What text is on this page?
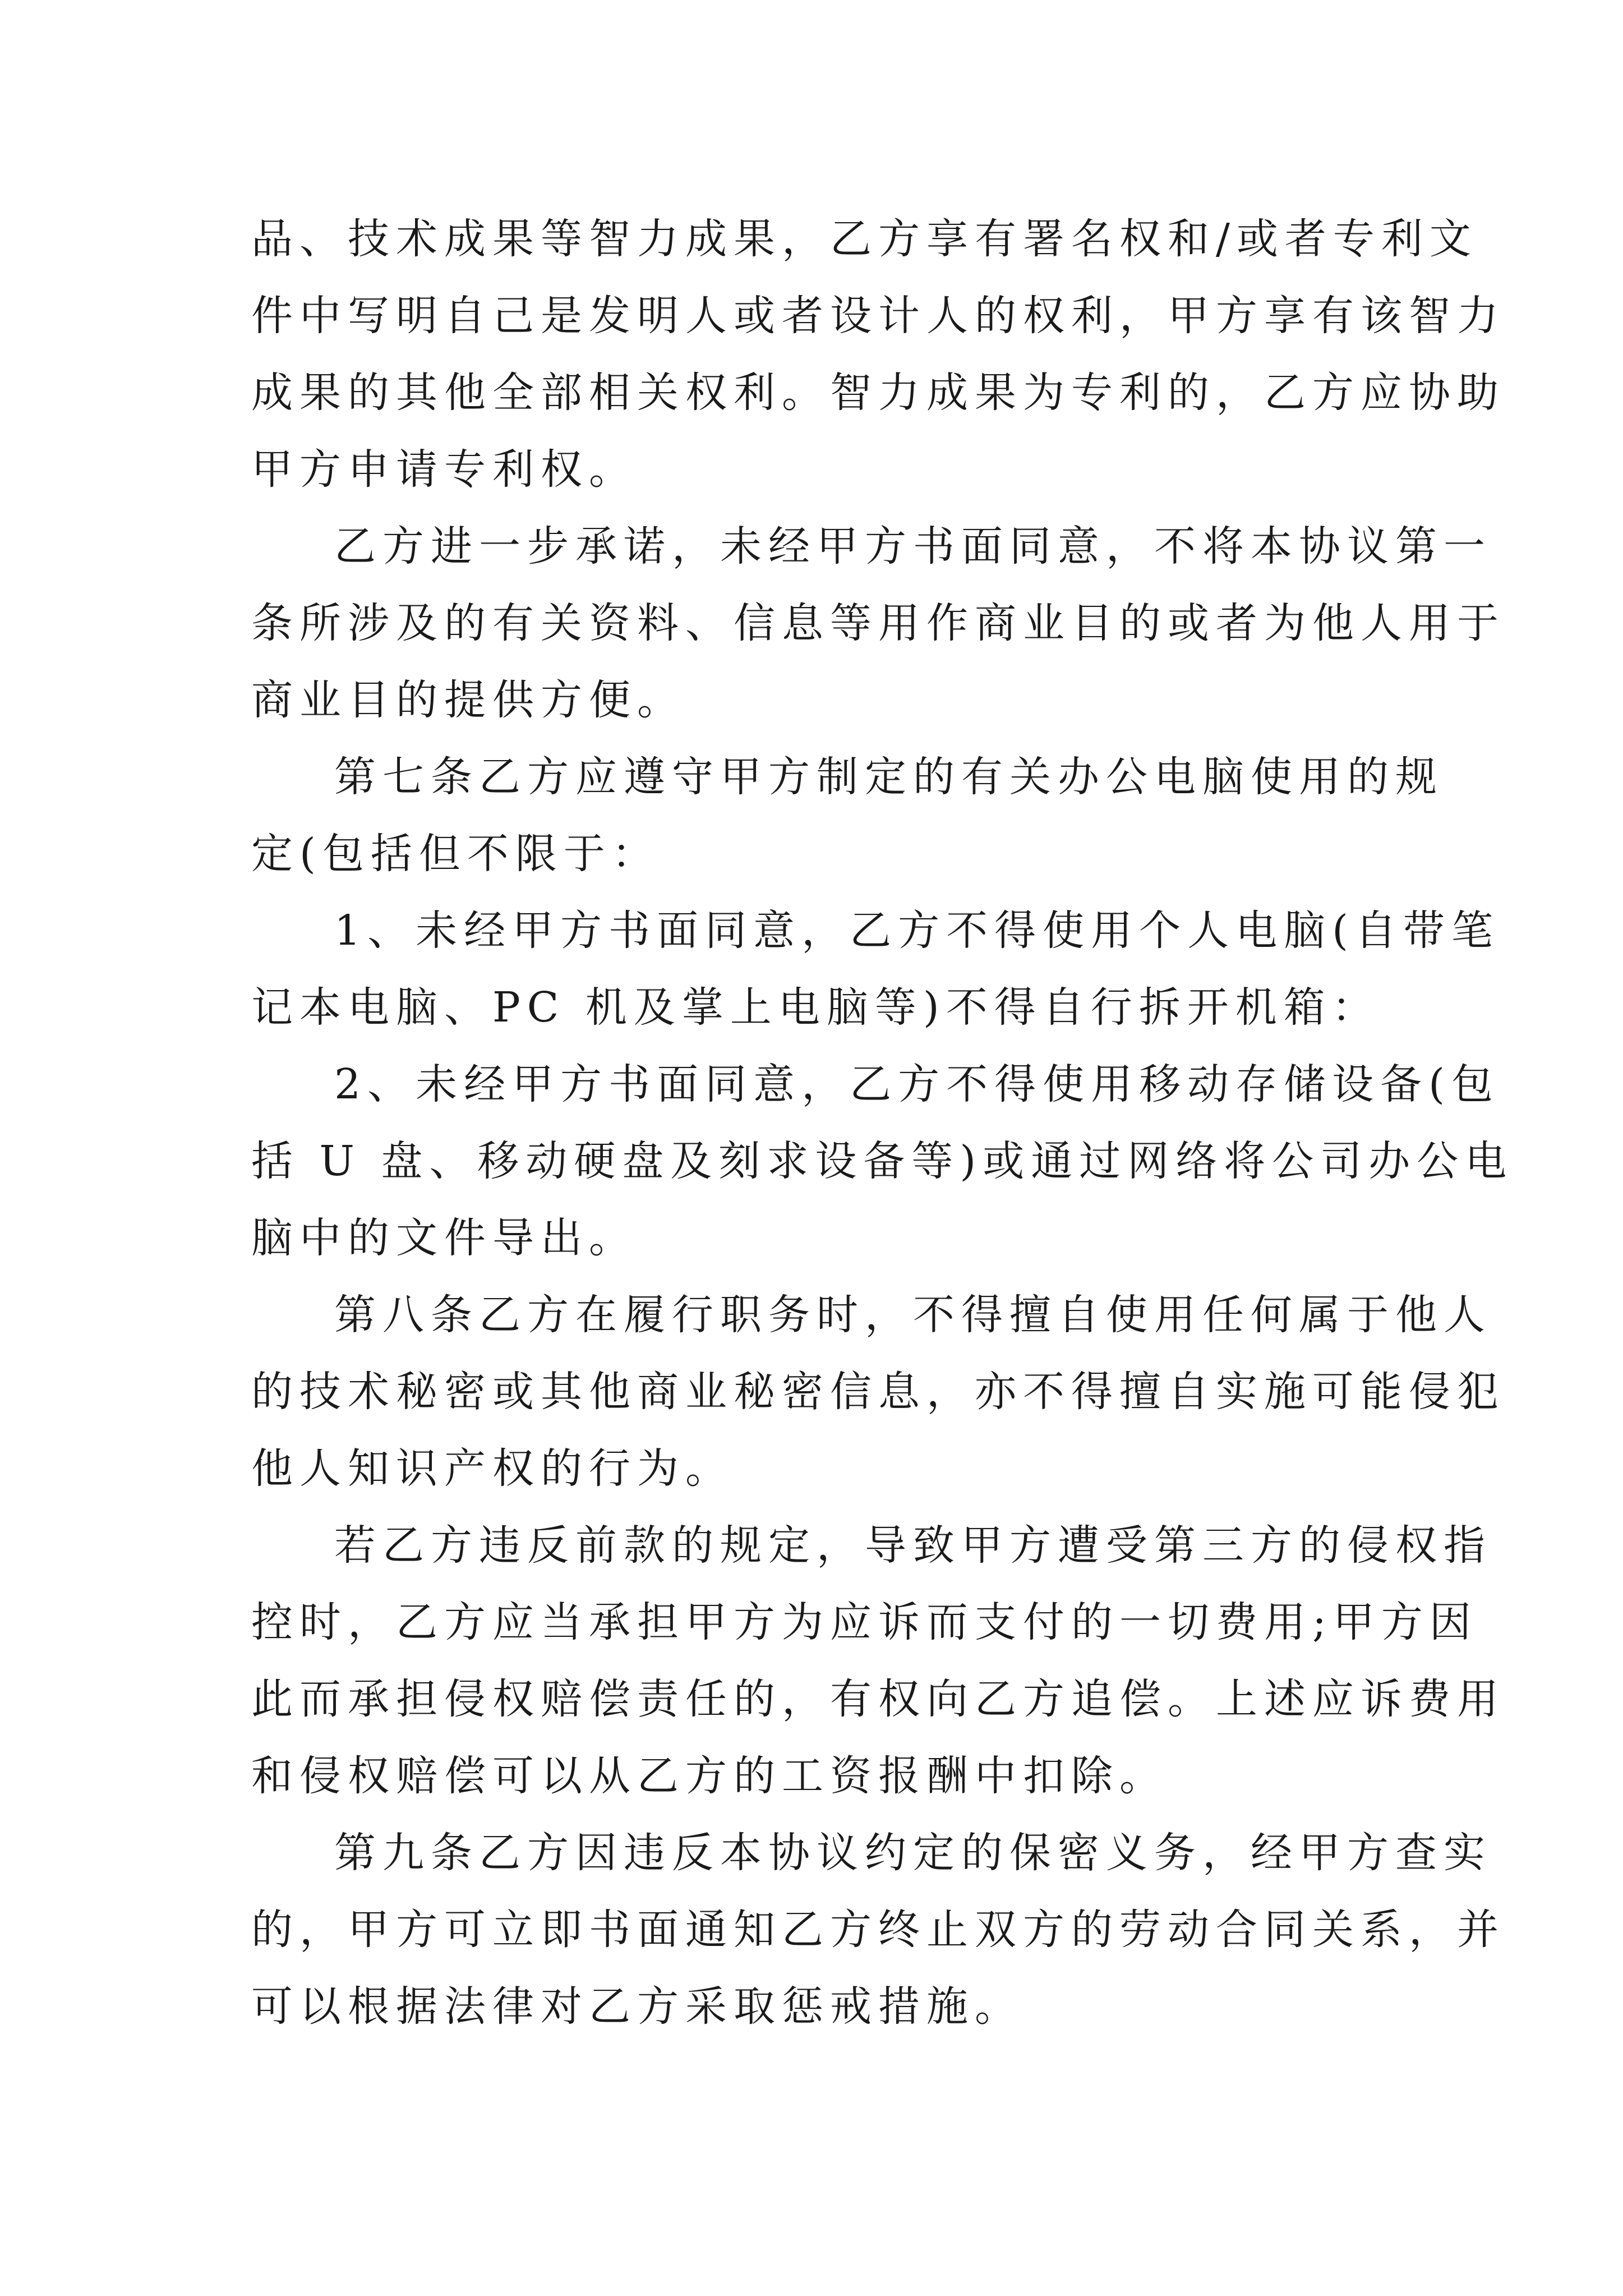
品、技术成果等智力成果，乙方享有署名权和/或者专利文
件中写明自己是发明人或者设计人的权利，甲方享有该智力
成果的其他全部相关权利。智力成果为专利的，乙方应协助
甲方申请专利权。
乙方进一步承诺，未经甲方书面同意，不将本协议第一
条所涉及的有关资料、信息等用作商业目的或者为他人用于
商业目的提供方便。
第七条乙方应遵守甲方制定的有关办公电脑使用的规
定(包括但不限于：
1、未经甲方书面同意，乙方不得使用个人电脑(自带笔
记本电脑、PC 机及掌上电脑等)不得自行拆开机箱：
2、未经甲方书面同意，乙方不得使用移动存储设备(包
括 U 盘、移动硬盘及刻求设备等)或通过网络将公司办公电
脑中的文件导出。
第八条乙方在履行职务时，不得擅自使用任何属于他人
的技术秘密或其他商业秘密信息，亦不得擅自实施可能侵犯
他人知识产权的行为。
若乙方违反前款的规定，导致甲方遭受第三方的侵权指
控时，乙方应当承担甲方为应诉而支付的一切费用;甲方因
此而承担侵权赔偿责任的，有权向乙方追偿。上述应诉费用
和侵权赔偿可以从乙方的工资报酬中扣除。
第九条乙方因违反本协议约定的保密义务，经甲方查实
的，甲方可立即书面通知乙方终止双方的劳动合同关系，并
可以根据法律对乙方采取惩戒措施。
